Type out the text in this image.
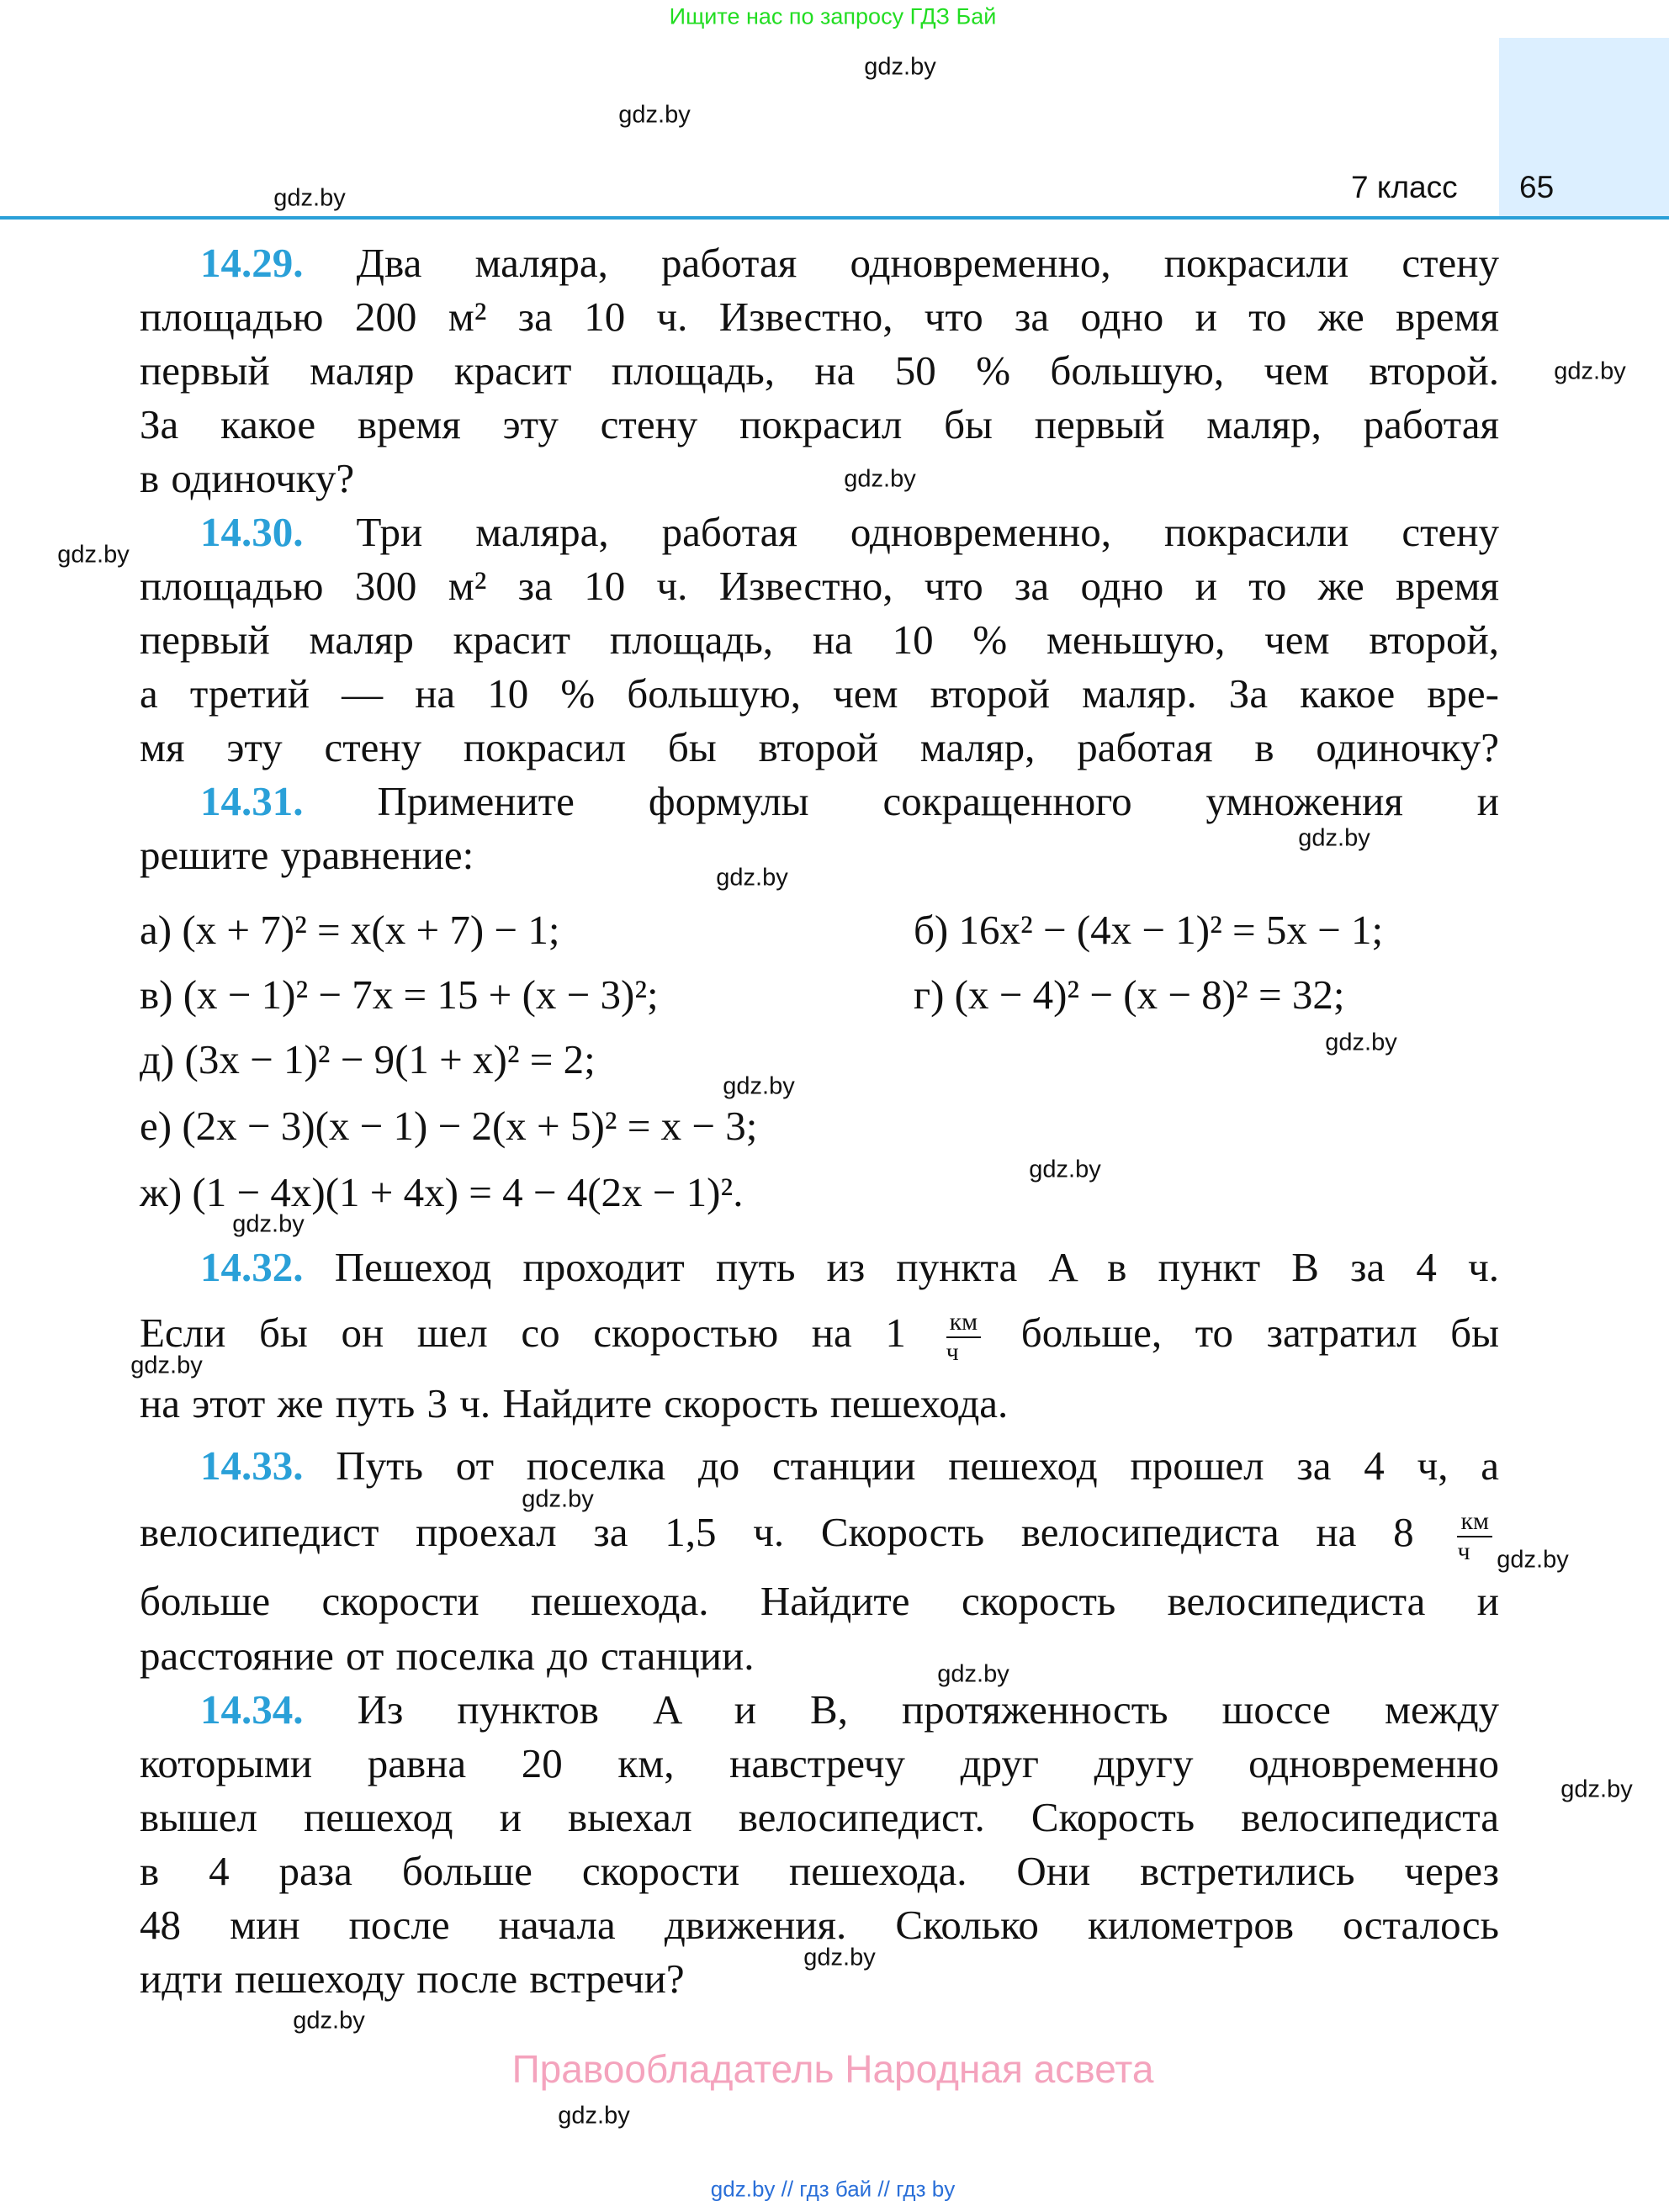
Ищите нас по запросу ГДЗ Бай
7 класс 65
14.29. Два маляра, работая одновременно, покрасили стену
площадью 200 м² за 10 ч. Известно, что за одно и то же время
первый маляр красит площадь, на 50 % большую, чем второй.
За какое время эту стену покрасил бы первый маляр, работая
в одиночку?
14.30. Три маляра, работая одновременно, покрасили стену
площадью 300 м² за 10 ч. Известно, что за одно и то же время
первый маляр красит площадь, на 10 % меньшую, чем второй,
а третий — на 10 % большую, чем второй маляр. За какое вре-
мя эту стену покрасил бы второй маляр, работая в одиночку?
14.31. Примените формулы сокращенного умножения и
решите уравнение:
а) (x + 7)² = x(x + 7) − 1;	б) 16x² − (4x − 1)² = 5x − 1;
в) (x − 1)² − 7x = 15 + (x − 3)²;	г) (x − 4)² − (x − 8)² = 32;
д) (3x − 1)² − 9(1 + x)² = 2;
е) (2x − 3)(x − 1) − 2(x + 5)² = x − 3;
ж) (1 − 4x)(1 + 4x) = 4 − 4(2x − 1)².
14.32. Пешеход проходит путь из пункта A в пункт B за 4 ч.
Если бы он шел со скоростью на $1 \frac{км}{ч}$ больше, то затратил бы
на этот же путь 3 ч. Найдите скорость пешехода.
14.33. Путь от поселка до станции пешеход прошел за 4 ч, а
велосипедист проехал за 1,5 ч. Скорость велосипедиста на $8 \frac{км}{ч}$
больше скорости пешехода. Найдите скорость велосипедиста и
расстояние от поселка до станции.
14.34. Из пунктов A и B, протяженность шоссе между
которыми равна 20 км, навстречу друг другу одновременно
вышел пешеход и выехал велосипедист. Скорость велосипедиста
в 4 раза больше скорости пешехода. Они встретились через
48 мин после начала движения. Сколько километров осталось
идти пешеходу после встречи?
gdz.by
gdz.by
gdz.by
gdz.by
gdz.by
gdz.by
gdz.by
gdz.by
gdz.by
gdz.by
gdz.by
gdz.by
gdz.by
gdz.by
gdz.by
gdz.by
gdz.by
gdz.by
gdz.by
gdz.by
Правообладатель Народная асвета
gdz.by // гдз бай // гдз by
